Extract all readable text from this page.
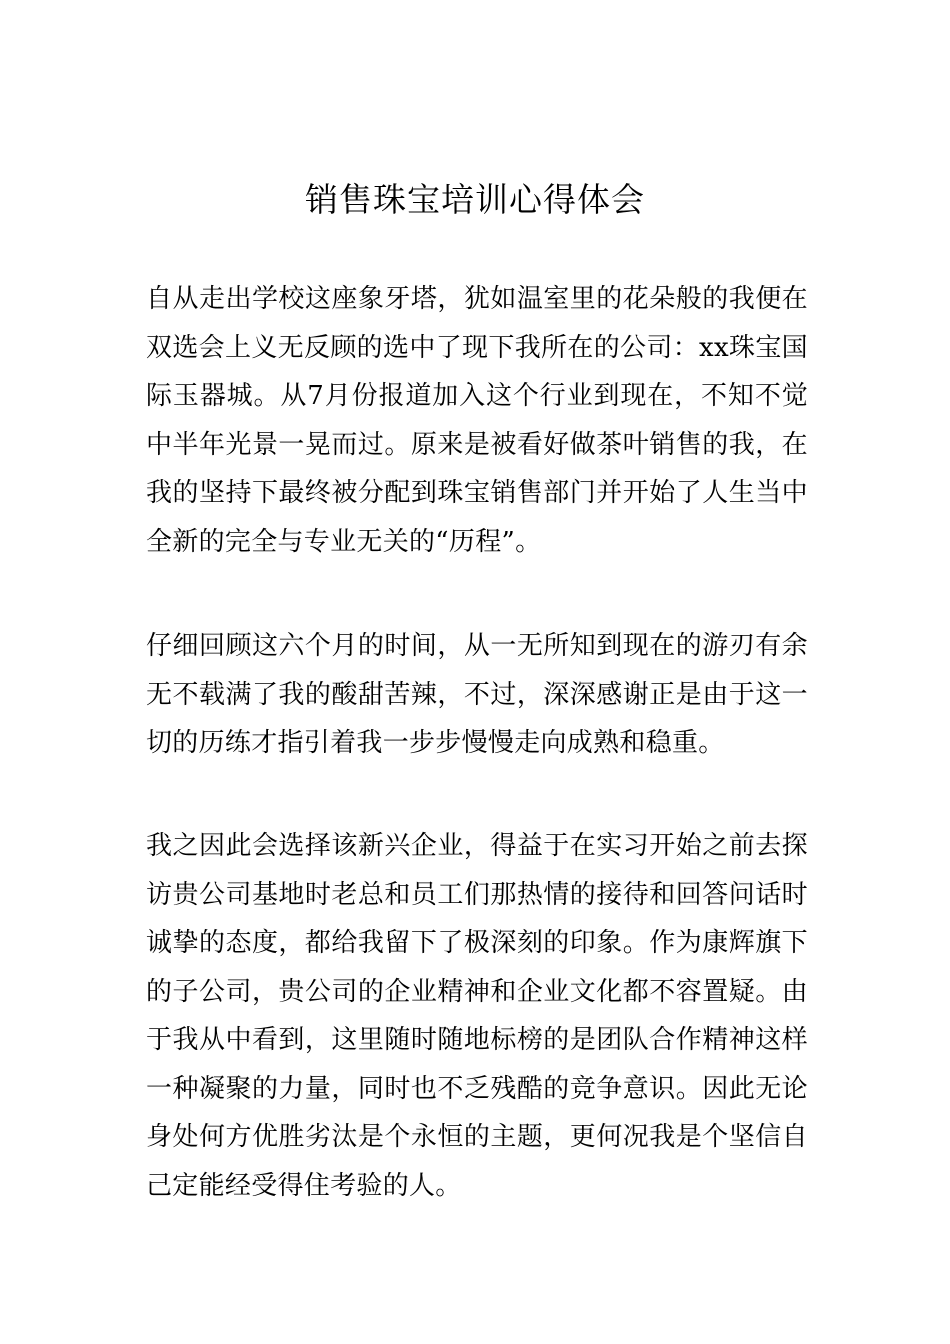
销售珠宝培训心得体会

自从走出学校这座象牙塔，犹如温室里的花朵般的我便在双选会上义无反顾的选中了现下我所在的公司：xx珠宝国际玉器城。从7月份报道加入这个行业到现在，不知不觉中半年光景一晃而过。原来是被看好做茶叶销售的我，在我的坚持下最终被分配到珠宝销售部门并开始了人生当中全新的完全与专业无关的“历程”。

仔细回顾这六个月的时间，从一无所知到现在的游刃有余无不载满了我的酸甜苦辣，不过，深深感谢正是由于这一切的历练才指引着我一步步慢慢走向成熟和稳重。

我之因此会选择该新兴企业，得益于在实习开始之前去探访贵公司基地时老总和员工们那热情的接待和回答问话时诚挚的态度，都给我留下了极深刻的印象。作为康辉旗下的子公司，贵公司的企业精神和企业文化都不容置疑。由于我从中看到，这里随时随地标榜的是团队合作精神这样一种凝聚的力量，同时也不乏残酷的竞争意识。因此无论身处何方优胜劣汰是个永恒的主题，更何况我是个坚信自己定能经受得住考验的人。
